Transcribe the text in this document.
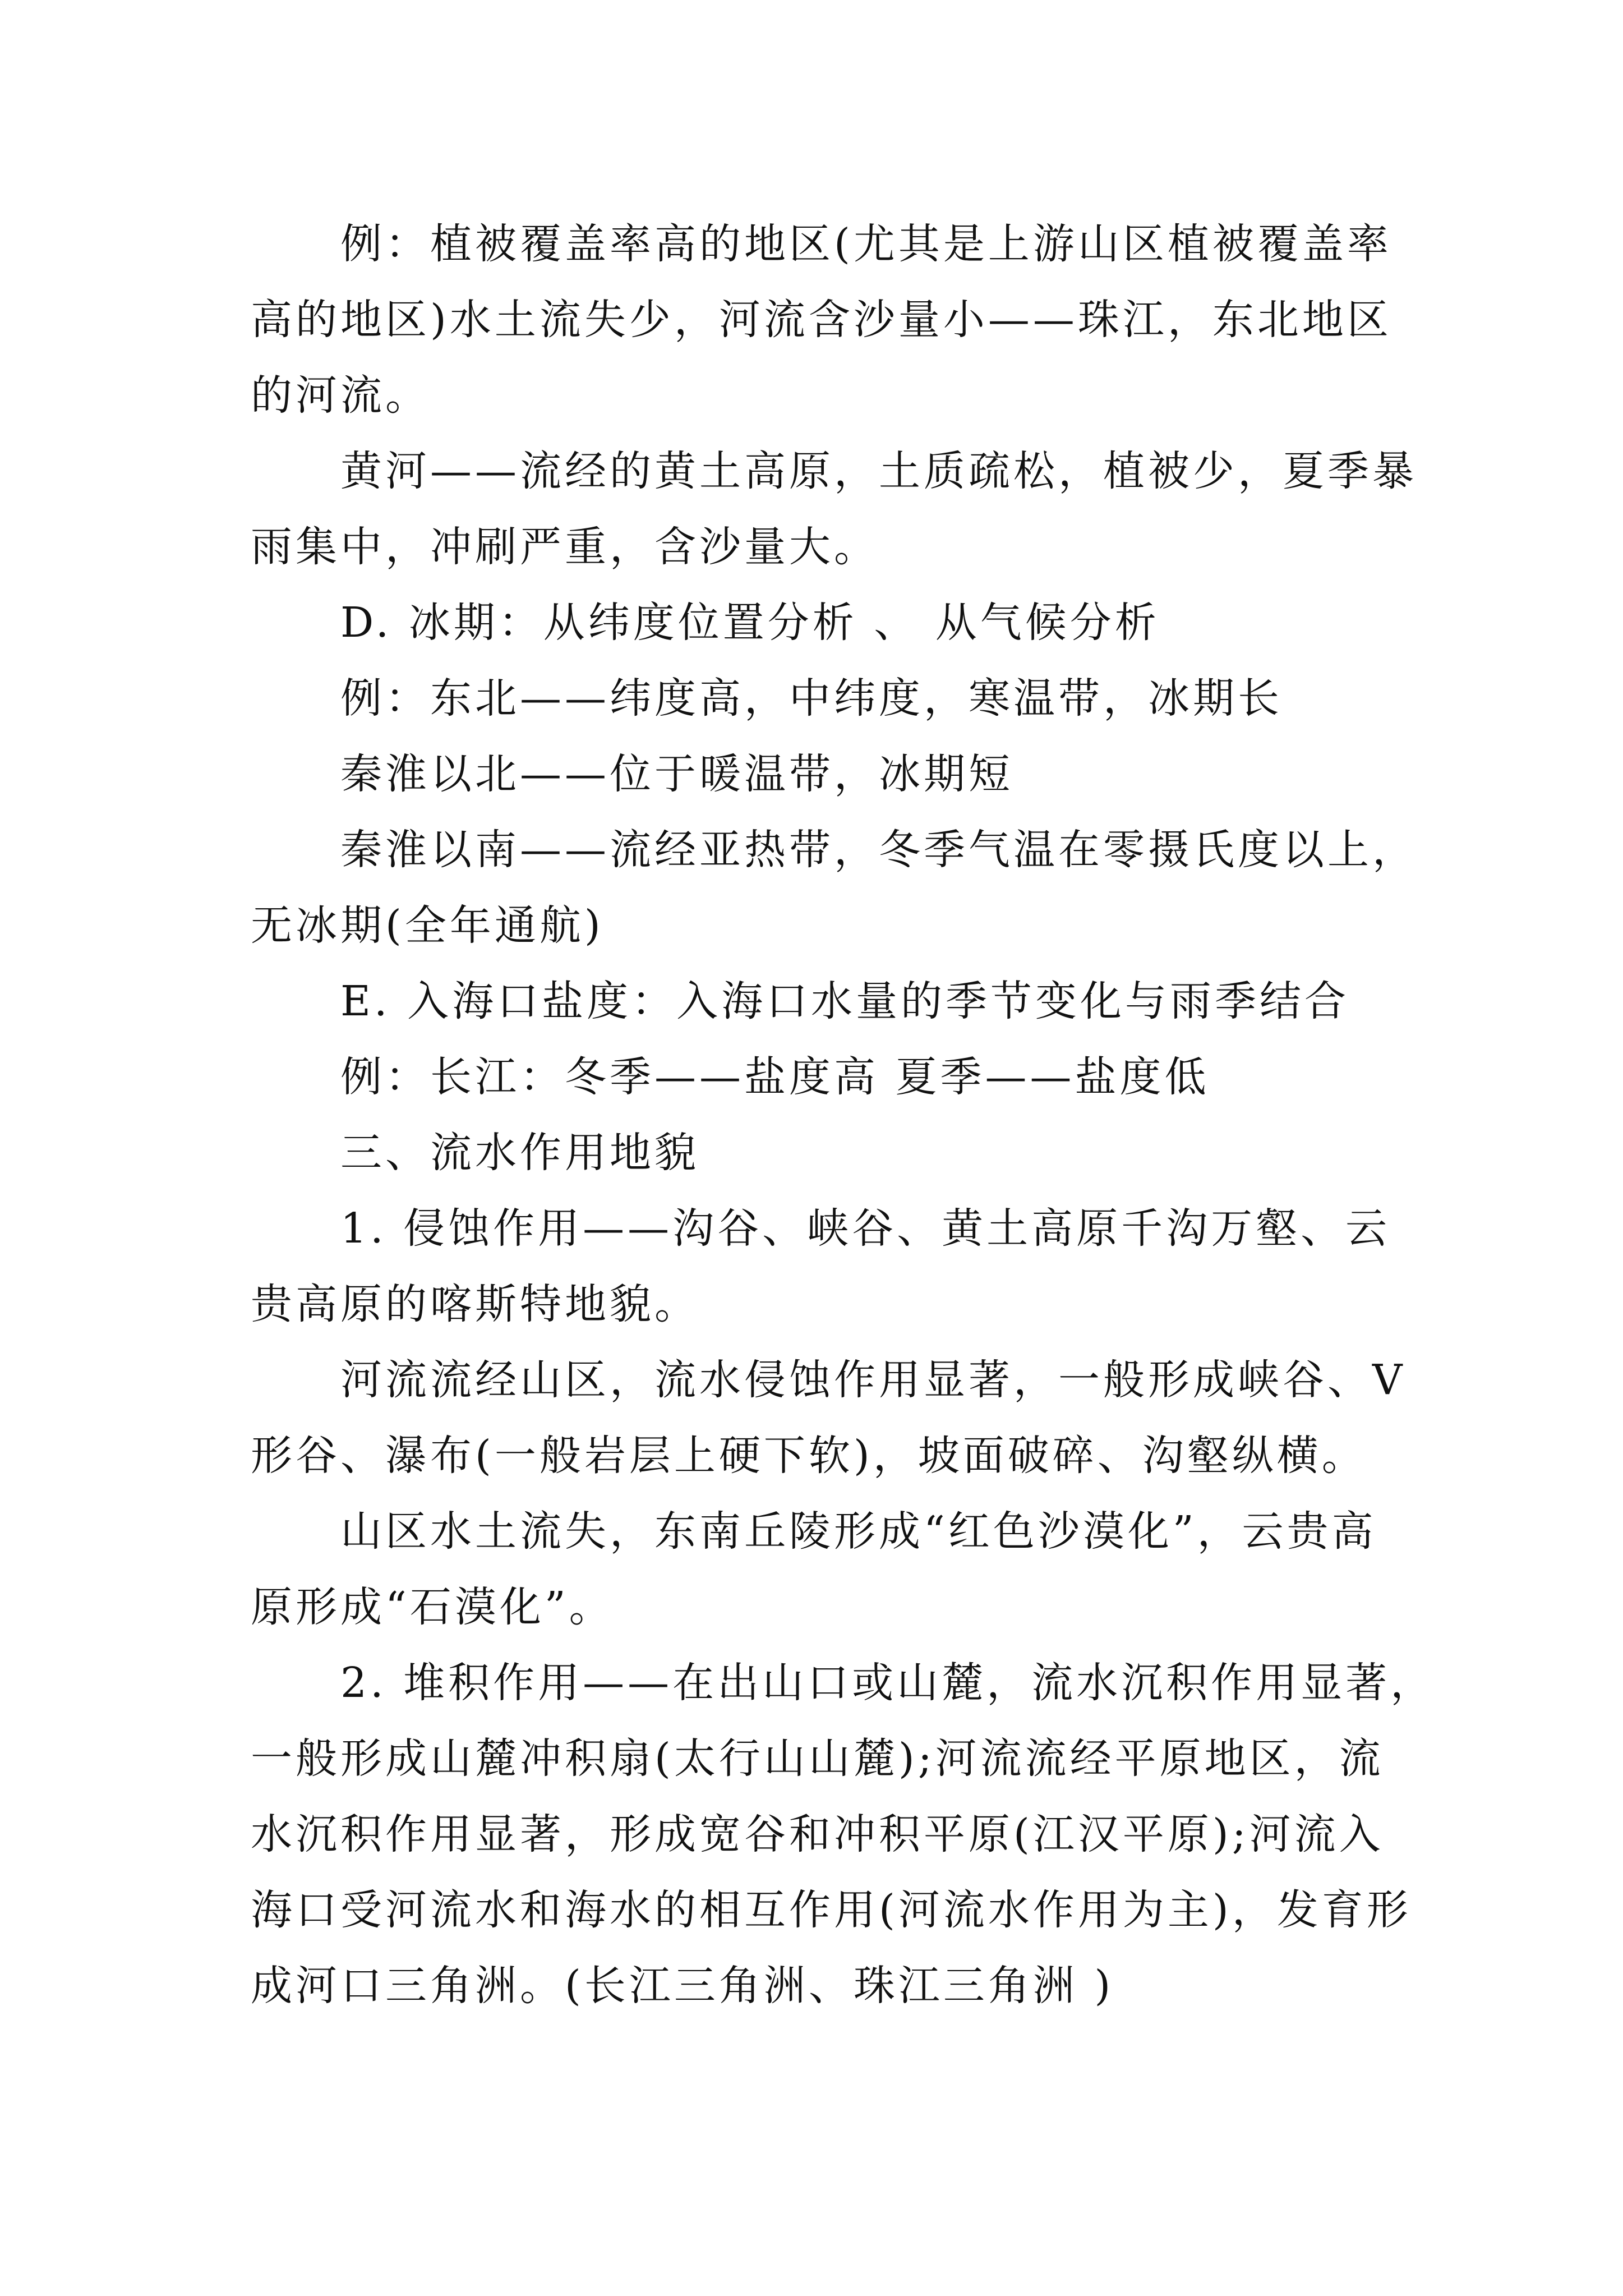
例：植被覆盖率高的地区(尤其是上游山区植被覆盖率
高的地区)水土流失少，河流含沙量小——珠江，东北地区
的河流。
黄河——流经的黄土高原，土质疏松，植被少，夏季暴
雨集中，冲刷严重，含沙量大。
D. 冰期：从纬度位置分析 、 从气候分析
例：东北——纬度高，中纬度，寒温带，冰期长
秦淮以北——位于暖温带，冰期短
秦淮以南——流经亚热带，冬季气温在零摄氏度以上，
无冰期(全年通航)
E. 入海口盐度：入海口水量的季节变化与雨季结合
例：长江：冬季——盐度高 夏季——盐度低
三、流水作用地貌
1. 侵蚀作用——沟谷、峡谷、黄土高原千沟万壑、云
贵高原的喀斯特地貌。
河流流经山区，流水侵蚀作用显著，一般形成峡谷、V
形谷、瀑布(一般岩层上硬下软)，坡面破碎、沟壑纵横。
山区水土流失，东南丘陵形成“红色沙漠化”，云贵高
原形成“石漠化”。
2. 堆积作用——在出山口或山麓，流水沉积作用显著，
一般形成山麓冲积扇(太行山山麓);河流流经平原地区，流
水沉积作用显著，形成宽谷和冲积平原(江汉平原);河流入
海口受河流水和海水的相互作用(河流水作用为主)，发育形
成河口三角洲。(长江三角洲、珠江三角洲 )
